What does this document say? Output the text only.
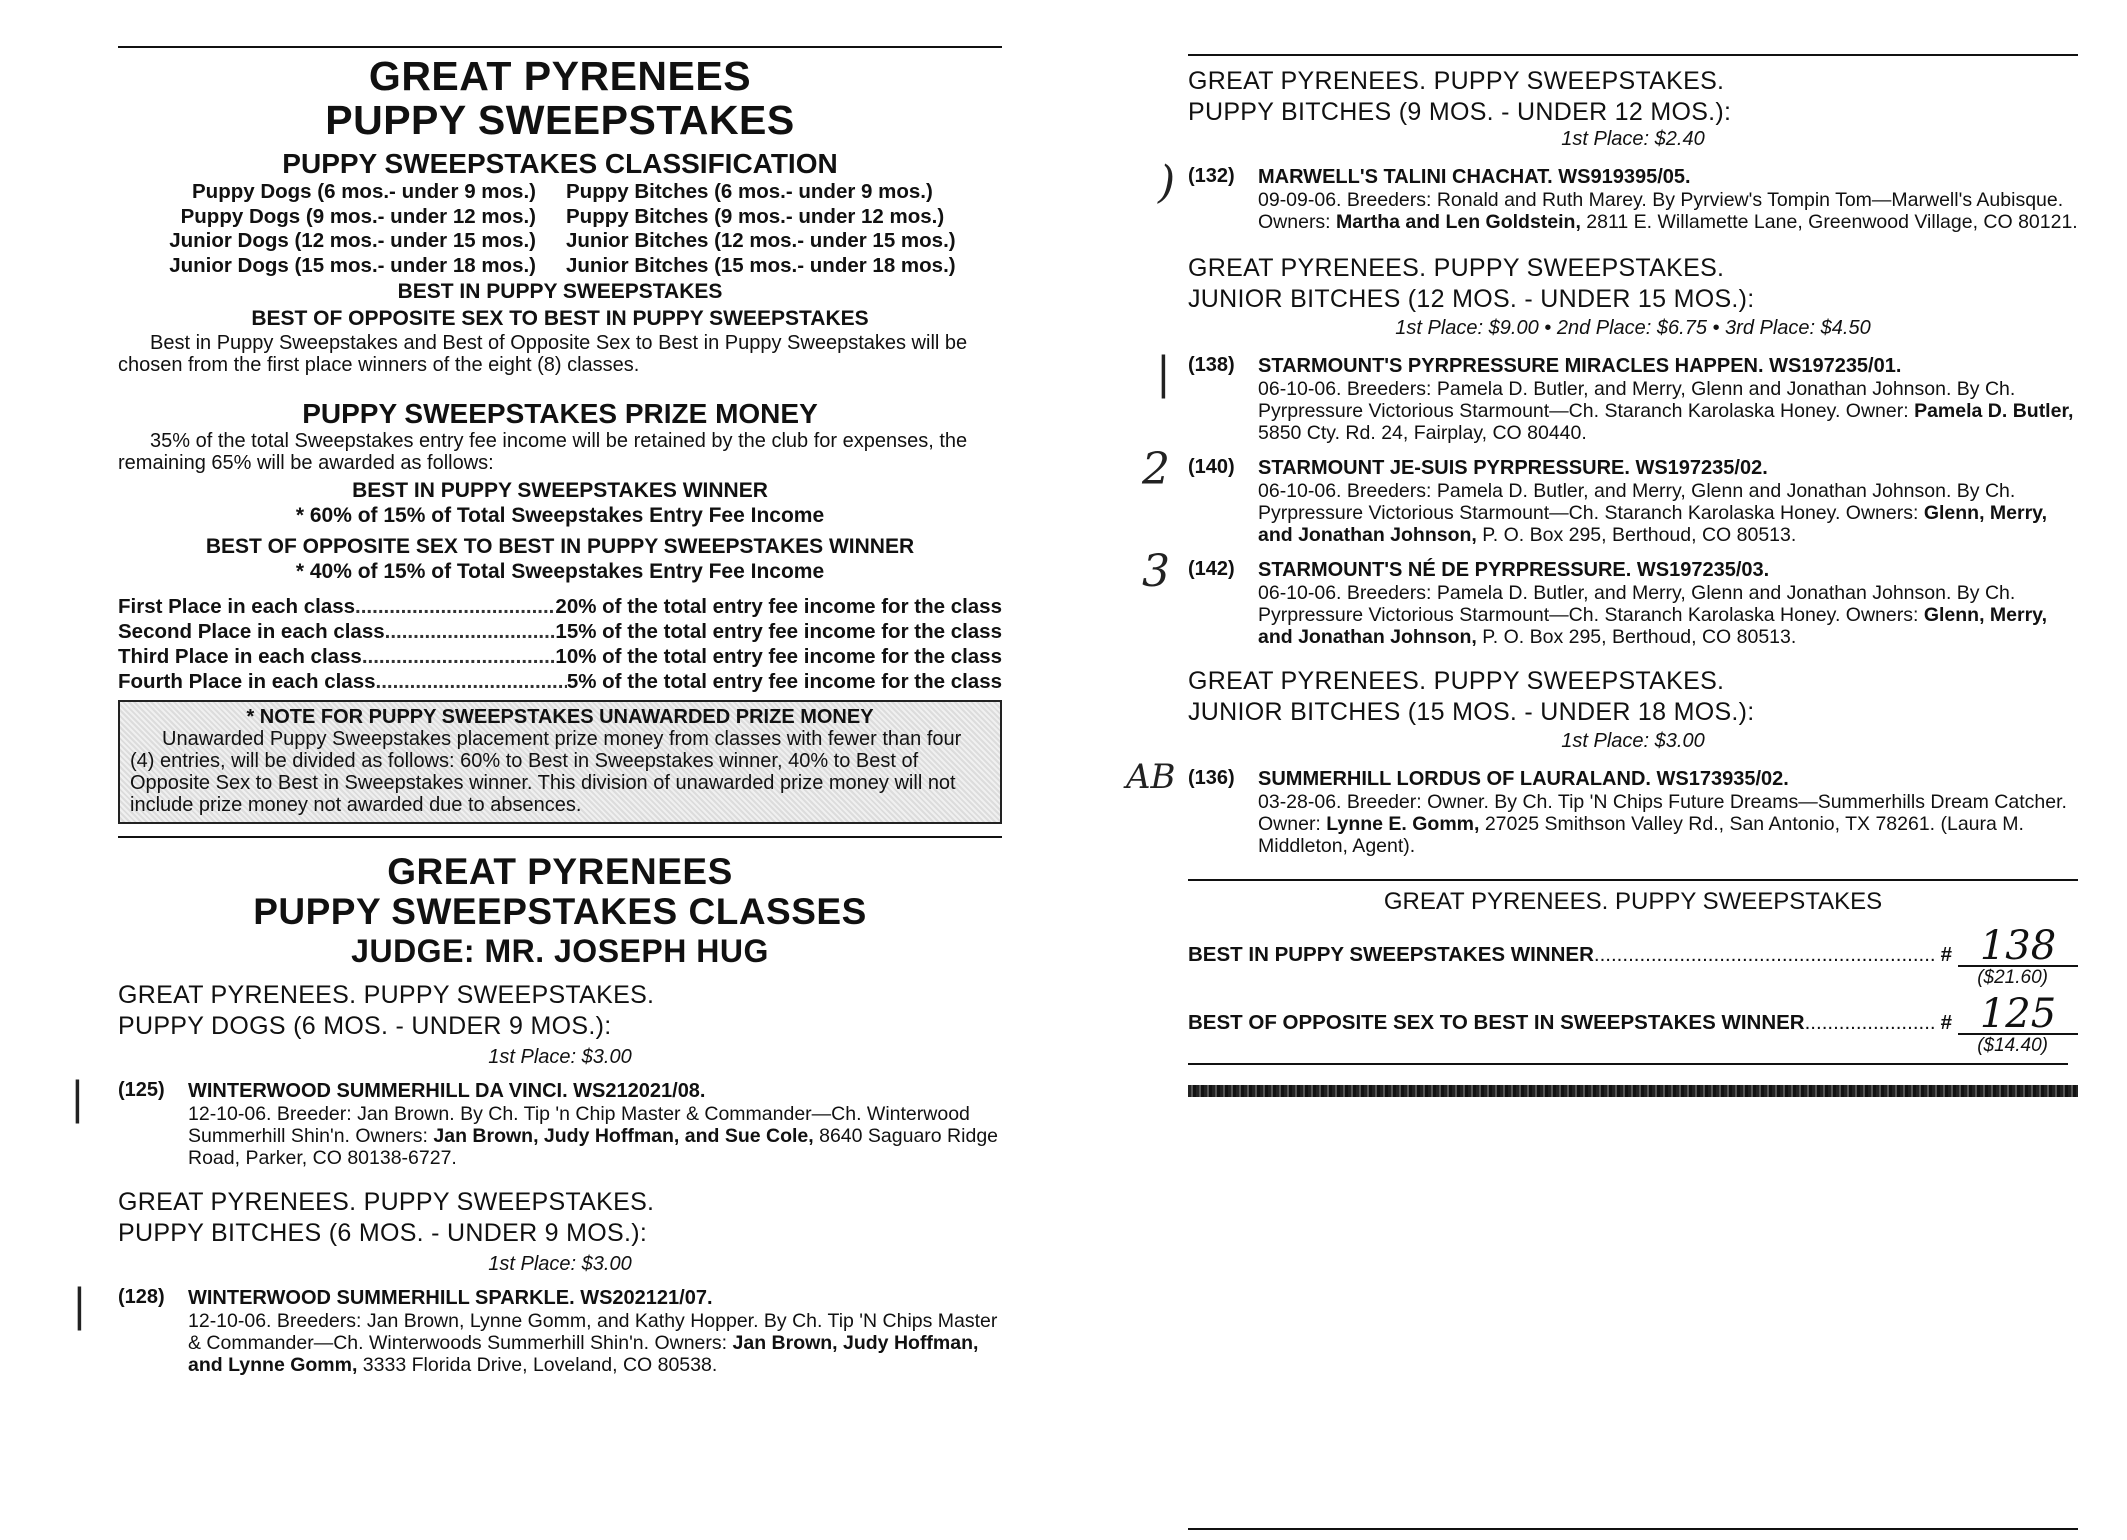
GREAT PYRENEES
PUPPY SWEEPSTAKES
PUPPY SWEEPSTAKES CLASSIFICATION
Puppy Dogs (6 mos.- under 9 mos.)	Puppy Bitches (6 mos.- under 9 mos.)
Puppy Dogs (9 mos.- under 12 mos.)	Puppy Bitches (9 mos.- under 12 mos.)
Junior Dogs (12 mos.- under 15 mos.)	Junior Bitches (12 mos.- under 15 mos.)
Junior Dogs (15 mos.- under 18 mos.)	Junior Bitches (15 mos.- under 18 mos.)
BEST IN PUPPY SWEEPSTAKES
BEST OF OPPOSITE SEX TO BEST IN PUPPY SWEEPSTAKES
Best in Puppy Sweepstakes and Best of Opposite Sex to Best in Puppy Sweepstakes will be chosen from the first place winners of the eight (8) classes.
PUPPY SWEEPSTAKES PRIZE MONEY
35% of the total Sweepstakes entry fee income will be retained by the club for expenses, the remaining 65% will be awarded as follows:
BEST IN PUPPY SWEEPSTAKES WINNER
* 60% of 15% of Total Sweepstakes Entry Fee Income
BEST OF OPPOSITE SEX TO BEST IN PUPPY SWEEPSTAKES WINNER
* 40% of 15% of Total Sweepstakes Entry Fee Income
First Place in each class .....	20% of the total entry fee income for the class
Second Place in each class .....	15% of the total entry fee income for the class
Third Place in each class .....	10% of the total entry fee income for the class
Fourth Place in each class .....	5% of the total entry fee income for the class
* NOTE FOR PUPPY SWEEPSTAKES UNAWARDED PRIZE MONEY
Unawarded Puppy Sweepstakes placement prize money from classes with fewer than four (4) entries, will be divided as follows: 60% to Best in Sweepstakes winner, 40% to Best of Opposite Sex to Best in Sweepstakes winner. This division of unawarded prize money will not include prize money not awarded due to absences.
GREAT PYRENEES
PUPPY SWEEPSTAKES CLASSES
JUDGE: MR. JOSEPH HUG
GREAT PYRENEES. PUPPY SWEEPSTAKES.
PUPPY DOGS (6 MOS. - UNDER 9 MOS.):
1st Place: $3.00
| (125) WINTERWOOD SUMMERHILL DA VINCI. WS212021/08.
12-10-06. Breeder: Jan Brown. By Ch. Tip 'n Chip Master & Commander—Ch. Winterwood Summerhill Shin'n. Owners: Jan Brown, Judy Hoffman, and Sue Cole, 8640 Saguaro Ridge Road, Parker, CO 80138-6727.
GREAT PYRENEES. PUPPY SWEEPSTAKES.
PUPPY BITCHES (6 MOS. - UNDER 9 MOS.):
1st Place: $3.00
| (128) WINTERWOOD SUMMERHILL SPARKLE. WS202121/07.
12-10-06. Breeders: Jan Brown, Lynne Gomm, and Kathy Hopper. By Ch. Tip 'N Chips Master & Commander—Ch. Winterwoods Summerhill Shin'n. Owners: Jan Brown, Judy Hoffman, and Lynne Gomm, 3333 Florida Drive, Loveland, CO 80538.
GREAT PYRENEES. PUPPY SWEEPSTAKES.
PUPPY BITCHES (9 MOS. - UNDER 12 MOS.):
1st Place: $2.40
) (132) MARWELL'S TALINI CHACHAT. WS919395/05.
09-09-06. Breeders: Ronald and Ruth Marey. By Pyrview's Tompin Tom—Marwell's Aubisque. Owners: Martha and Len Goldstein, 2811 E. Willamette Lane, Greenwood Village, CO 80121.
GREAT PYRENEES. PUPPY SWEEPSTAKES.
JUNIOR BITCHES (12 MOS. - UNDER 15 MOS.):
1st Place: $9.00 • 2nd Place: $6.75 • 3rd Place: $4.50
| (138) STARMOUNT'S PYRPRESSURE MIRACLES HAPPEN. WS197235/01.
06-10-06. Breeders: Pamela D. Butler, and Merry, Glenn and Jonathan Johnson. By Ch. Pyrpressure Victorious Starmount—Ch. Staranch Karolaska Honey. Owner: Pamela D. Butler, 5850 Cty. Rd. 24, Fairplay, CO 80440.
2 (140) STARMOUNT JE-SUIS PYRPRESSURE. WS197235/02.
06-10-06. Breeders: Pamela D. Butler, and Merry, Glenn and Jonathan Johnson. By Ch. Pyrpressure Victorious Starmount—Ch. Staranch Karolaska Honey. Owners: Glenn, Merry, and Jonathan Johnson, P. O. Box 295, Berthoud, CO 80513.
3 (142) STARMOUNT'S NÉ DE PYRPRESSURE. WS197235/03.
06-10-06. Breeders: Pamela D. Butler, and Merry, Glenn and Jonathan Johnson. By Ch. Pyrpressure Victorious Starmount—Ch. Staranch Karolaska Honey. Owners: Glenn, Merry, and Jonathan Johnson, P. O. Box 295, Berthoud, CO 80513.
GREAT PYRENEES. PUPPY SWEEPSTAKES.
JUNIOR BITCHES (15 MOS. - UNDER 18 MOS.):
1st Place: $3.00
AB (136) SUMMERHILL LORDUS OF LAURALAND. WS173935/02.
03-28-06. Breeder: Owner. By Ch. Tip 'N Chips Future Dreams—Summerhills Dream Catcher. Owner: Lynne E. Gomm, 27025 Smithson Valley Rd., San Antonio, TX 78261. (Laura M. Middleton, Agent).
GREAT PYRENEES. PUPPY SWEEPSTAKES
BEST IN PUPPY SWEEPSTAKES WINNER .....	# 138
($21.60)
BEST OF OPPOSITE SEX TO BEST IN SWEEPSTAKES WINNER .....	# 125
($14.40)
